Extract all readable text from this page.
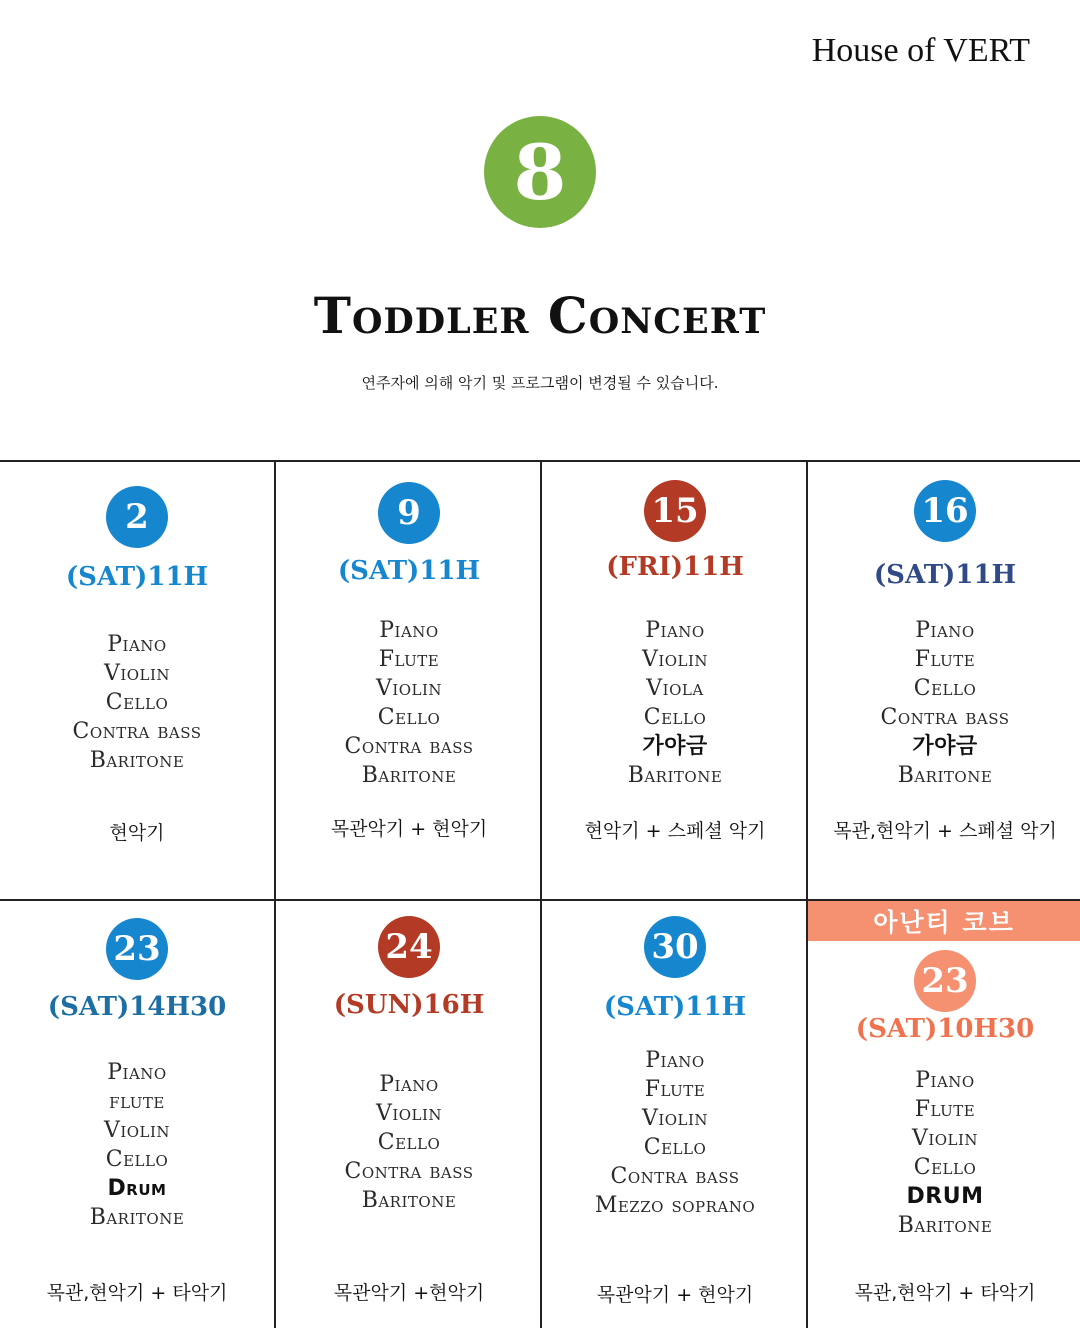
House of VERT
8
Toddler Concert
연주자에 의해 악기 및 프로그램이 변경될 수 있습니다.
아난티 코브
2
(SAT)11H
Piano
Violin
Cello
Contra bass
Baritone
현악기
9
(SAT)11H
Piano
Flute
Violin
Cello
Contra bass
Baritone
목관악기 + 현악기
15
(FRI)11H
Piano
Violin
Viola
Cello
가야금
Baritone
현악기 + 스페셜 악기
16
(SAT)11H
Piano
Flute
Cello
Contra bass
가야금
Baritone
목관,현악기 + 스페셜 악기
23
(SAT)14H30
Piano
flute
Violin
Cello
Drum
Baritone
목관,현악기 + 타악기
24
(SUN)16H
Piano
Violin
Cello
Contra bass
Baritone
목관악기 +현악기
30
(SAT)11H
Piano
Flute
Violin
Cello
Contra bass
Mezzo soprano
목관악기 + 현악기
23
(SAT)10H30
Piano
Flute
Violin
Cello
DRUM
Baritone
목관,현악기 + 타악기
